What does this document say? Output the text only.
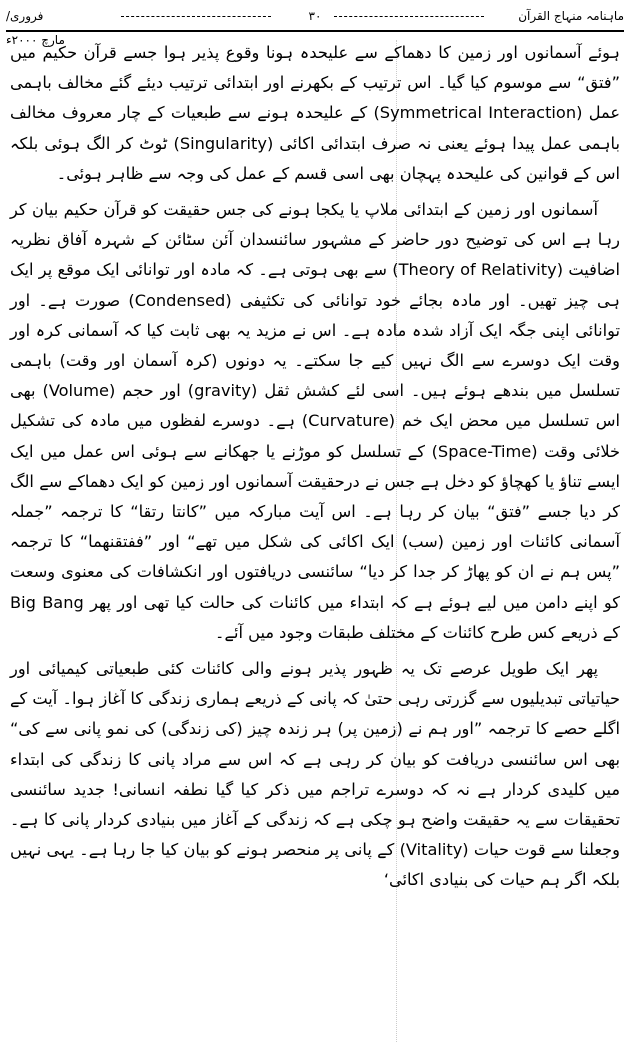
ماہنامہ منہاج القرآن
۳۰
فروری/مارچ ۲۰۰۰ء

ہوئے آسمانوں اور زمین کا دھماکے سے علیحدہ ہونا وقوع پذیر ہوا جسے قرآن حکیم میں ”فتق“ سے موسوم کیا گیا۔ اس ترتیب کے بکھرنے اور ابتدائی ترتیب دیئے گئے مخالف باہمی عمل (Symmetrical Interaction) کے علیحدہ ہونے سے طبعیات کے چار معروف مخالف باہمی عمل پیدا ہوئے یعنی نہ صرف ابتدائی اکائی (Singularity) ٹوٹ کر الگ ہوئی بلکہ اس کے قوانین کی علیحدہ پہچان بھی اسی قسم کے عمل کی وجہ سے ظاہر ہوئی۔

آسمانوں اور زمین کے ابتدائی ملاپ یا یکجا ہونے کی جس حقیقت کو قرآن حکیم بیان کر رہا ہے اس کی توضیح دور حاضر کے مشہور سائنسدان آئن سٹائن کے شہرہ آفاق نظریہ اضافیت (Theory of Relativity) سے بھی ہوتی ہے۔ کہ مادہ اور توانائی ایک موقع پر ایک ہی چیز تھیں۔ اور مادہ بجائے خود توانائی کی تکثیفی (Condensed) صورت ہے۔ اور توانائی اپنی جگہ ایک آزاد شدہ مادہ ہے۔ اس نے مزید یہ بھی ثابت کیا کہ آسمانی کرہ اور وقت ایک دوسرے سے الگ نہیں کیے جا سکتے۔ یہ دونوں (کرہ آسمان اور وقت) باہمی تسلسل میں بندھے ہوئے ہیں۔ اسی لئے کشش ثقل (gravity) اور حجم (Volume) بھی اس تسلسل میں محض ایک خم (Curvature) ہے۔ دوسرے لفظوں میں مادہ کی تشکیل خلائی وقت (Space-Time) کے تسلسل کو موڑنے یا جھکانے سے ہوئی اس عمل میں ایک ایسے تناؤ یا کھچاؤ کو دخل ہے جس نے درحقیقت آسمانوں اور زمین کو ایک دھماکے سے الگ کر دیا جسے ”فتق“ بیان کر رہا ہے۔ اس آیت مبارکہ میں ”کانتا رتقا“ کا ترجمہ ”جملہ آسمانی کائنات اور زمین (سب) ایک اکائی کی شکل میں تھے“ اور ”ففتقنھما“ کا ترجمہ ”پس ہم نے ان کو پھاڑ کر جدا کر دیا“ سائنسی دریافتوں اور انکشافات کی معنوی وسعت کو اپنے دامن میں لیے ہوئے ہے کہ ابتداء میں کائنات کی حالت کیا تھی اور پھر Big Bang کے ذریعے کس طرح کائنات کے مختلف طبقات وجود میں آئے۔

پھر ایک طویل عرصے تک یہ ظہور پذیر ہونے والی کائنات کئی طبعیاتی کیمیائی اور حیاتیاتی تبدیلیوں سے گزرتی رہی حتیٰ کہ پانی کے ذریعے ہماری زندگی کا آغاز ہوا۔ آیت کے اگلے حصے کا ترجمہ ”اور ہم نے (زمین پر) ہر زندہ چیز (کی زندگی) کی نمو پانی سے کی“ بھی اس سائنسی دریافت کو بیان کر رہی ہے کہ اس سے مراد پانی کا زندگی کی ابتداء میں کلیدی کردار ہے نہ کہ دوسرے تراجم میں ذکر کیا گیا نطفہ انسانی! جدید سائنسی تحقیقات سے یہ حقیقت واضح ہو چکی ہے کہ زندگی کے آغاز میں بنیادی کردار پانی کا ہے۔ وجعلنا سے قوت حیات (Vitality) کے پانی پر منحصر ہونے کو بیان کیا جا رہا ہے۔ یہی نہیں بلکہ اگر ہم حیات کی بنیادی اکائی‘
